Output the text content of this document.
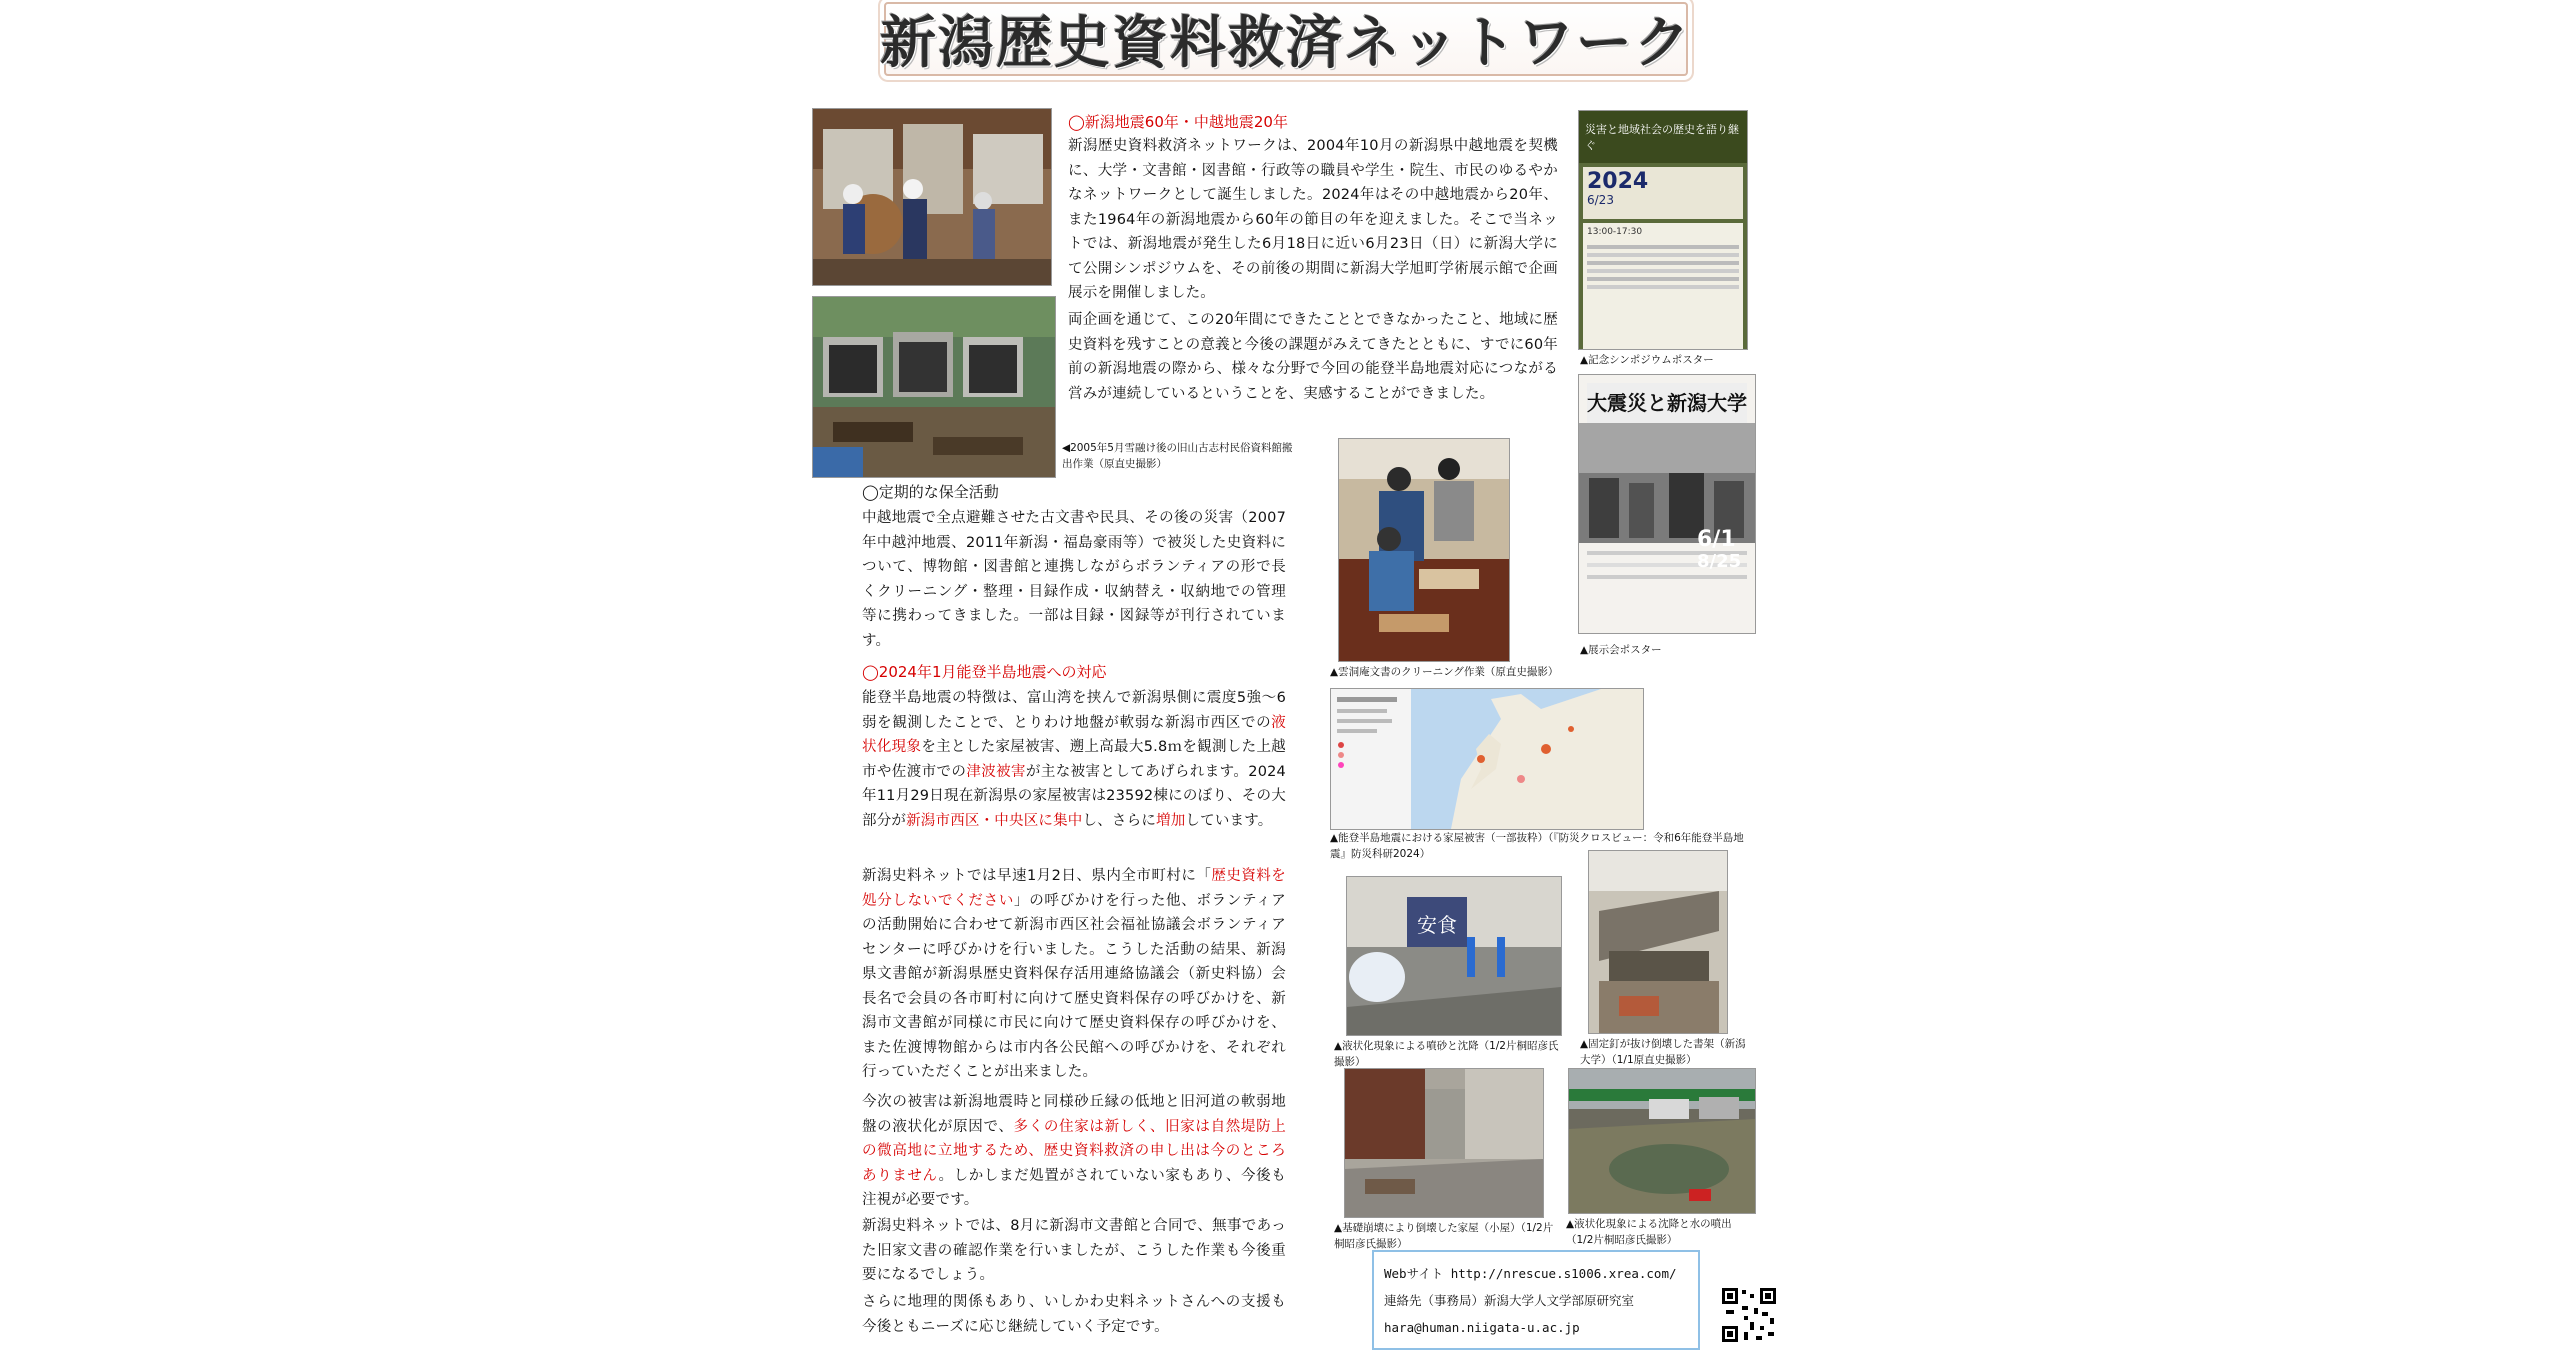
新潟歴史資料救済ネットワーク
◀2005年5月雪融け後の旧山古志村民俗資料館搬出作業（原直史撮影）
◯新潟地震60年・中越地震20年
新潟歴史資料救済ネットワークは、2004年10月の新潟県中越地震を契機に、大学・文書館・図書館・行政等の職員や学生・院生、市民のゆるやかなネットワークとして誕生しました。2024年はその中越地震から20年、また1964年の新潟地震から60年の節目の年を迎えました。そこで当ネットでは、新潟地震が発生した6月18日に近い6月23日（日）に新潟大学にて公開シンポジウムを、その前後の期間に新潟大学旭町学術展示館で企画展示を開催しました。
両企画を通じて、この20年間にできたこととできなかったこと、地域に歴史資料を残すことの意義と今後の課題がみえてきたとともに、すでに60年前の新潟地震の際から、様々な分野で今回の能登半島地震対応につながる営みが連続しているということを、実感することができました。
災害と地域社会の歴史を語り継ぐ
2024
6/23
13:00-17:30
▲記念シンポジウムポスター
大震災と新潟大学
6/1
8/25
▲展示会ポスター
◯定期的な保全活動
中越地震で全点避難させた古文書や民具、その後の災害（2007年中越沖地震、2011年新潟・福島豪雨等）で被災した史資料について、博物館・図書館と連携しながらボランティアの形で長くクリーニング・整理・目録作成・収納替え・収納地での管理等に携わってきました。一部は目録・図録等が刊行されています。
▲雲洞庵文書のクリーニング作業（原直史撮影）
▲能登半島地震における家屋被害（一部抜粋）（『防災クロスビュー：令和6年能登半島地震』防災科研2024）
安食
▲液状化現象による噴砂と沈降（1/2片桐昭彦氏撮影）
▲固定釘が抜け倒壊した書架（新潟大学）（1/1原直史撮影）
▲基礎崩壊により倒壊した家屋（小屋）（1/2片桐昭彦氏撮影）
▲液状化現象による沈降と水の噴出（1/2片桐昭彦氏撮影）
◯2024年1月能登半島地震への対応
能登半島地震の特徴は、富山湾を挟んで新潟県側に震度5強〜6弱を観測したことで、とりわけ地盤が軟弱な新潟市西区での液状化現象を主とした家屋被害、遡上高最大5.8ｍを観測した上越市や佐渡市での津波被害が主な被害としてあげられます。2024年11月29日現在新潟県の家屋被害は23592棟にのぼり、その大部分が新潟市西区・中央区に集中し、さらに増加しています。
新潟史料ネットでは早速1月2日、県内全市町村に「歴史資料を処分しないでください」の呼びかけを行った他、ボランティアの活動開始に合わせて新潟市西区社会福祉協議会ボランティアセンターに呼びかけを行いました。こうした活動の結果、新潟県文書館が新潟県歴史資料保存活用連絡協議会（新史料協）会長名で会員の各市町村に向けて歴史資料保存の呼びかけを、新潟市文書館が同様に市民に向けて歴史資料保存の呼びかけを、また佐渡博物館からは市内各公民館への呼びかけを、それぞれ行っていただくことが出来ました。
今次の被害は新潟地震時と同様砂丘縁の低地と旧河道の軟弱地盤の液状化が原因で、多くの住家は新しく、旧家は自然堤防上の微高地に立地するため、歴史資料救済の申し出は今のところありません。しかしまだ処置がされていない家もあり、今後も注視が必要です。
新潟史料ネットでは、8月に新潟市文書館と合同で、無事であった旧家文書の確認作業を行いましたが、こうした作業も今後重要になるでしょう。
さらに地理的関係もあり、いしかわ史料ネットさんへの支援も今後ともニーズに応じ継続していく予定です。
Webサイト http://nrescue.s1006.xrea.com/
連絡先（事務局）新潟大学人文学部原研究室
hara@human.niigata-u.ac.jp
